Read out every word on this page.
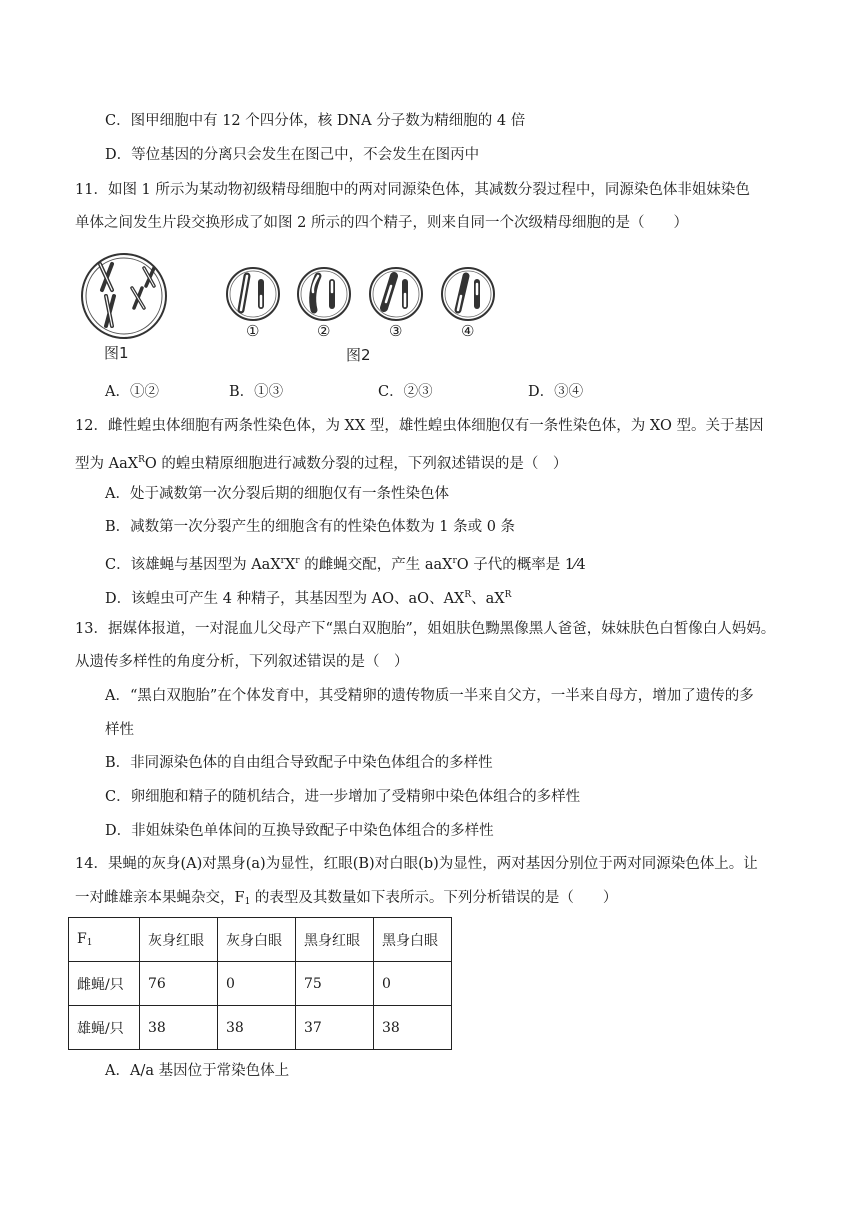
C．图甲细胞中有 12 个四分体，核 DNA 分子数为精细胞的 4 倍
D．等位基因的分离只会发生在图己中，不会发生在图丙中
11．如图 1 所示为某动物初级精母细胞中的两对同源染色体，其减数分裂过程中，同源染色体非姐妹染色
单体之间发生片段交换形成了如图 2 所示的四个精子，则来自同一个次级精母细胞的是（　　）
图1
①	②	③	④
图2
A．①②	B．①③	C．②③	D．③④
12．雌性蝗虫体细胞有两条性染色体，为 XX 型，雄性蝗虫体细胞仅有一条性染色体，为 XO 型。关于基因
型为 AaX$^R$O 的蝗虫精原细胞进行减数分裂的过程，下列叙述错误的是（　）
A．处于减数第一次分裂后期的细胞仅有一条性染色体
B．减数第一次分裂产生的细胞含有的性染色体数为 1 条或 0 条
C．该雄蝇与基因型为 $AaX^rX^r$ 的雌蝇交配，产生 aaX$^r$O 子代的概率是 1⁄4
D．该蝗虫可产生 4 种精子，其基因型为 AO、aO、$AX^R$、$aX^R$
13．据媒体报道，一对混血儿父母产下“黑白双胞胎”，姐姐肤色黝黑像黑人爸爸，妹妹肤色白皙像白人妈妈。
从遗传多样性的角度分析，下列叙述错误的是（　）
A．“黑白双胞胎”在个体发育中，其受精卵的遗传物质一半来自父方，一半来自母方，增加了遗传的多
样性
B．非同源染色体的自由组合导致配子中染色体组合的多样性
C．卵细胞和精子的随机结合，进一步增加了受精卵中染色体组合的多样性
D．非姐妹染色单体间的互换导致配子中染色体组合的多样性
14．果蝇的灰身(A)对黑身(a)为显性，红眼(B)对白眼(b)为显性，两对基因分别位于两对同源染色体上。让
一对雌雄亲本果蝇杂交，$F_1$ 的表型及其数量如下表所示。下列分析错误的是（　　）
$F_1$	灰身红眼	灰身白眼	黑身红眼	黑身白眼
雌蝇/只	76	0	75	0
雄蝇/只	38	38	37	38
A．A/a 基因位于常染色体上
